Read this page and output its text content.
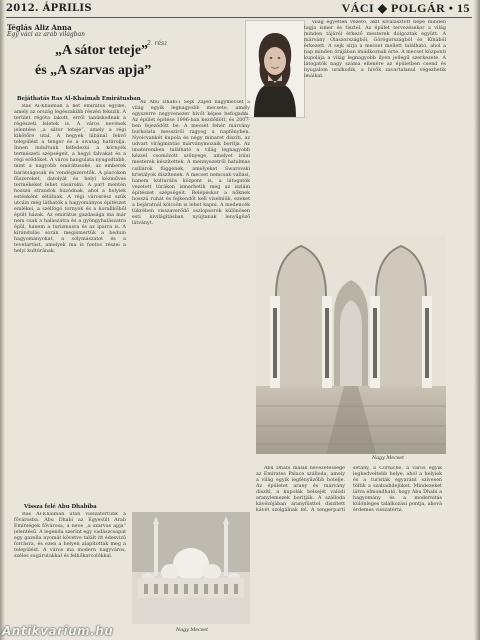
2012. ÁPRILIS	VÁCI ◆ POLGÁR • 15
Téglás Aliz Anna
Egy váci az arab világban
2. rész
„A sátor teteje”
és „A szarvas apja”
Bejáthatás Ras Al-Khaimah Emirátusban

Ras Al-Khaimah a hét emirátus egyike, amely az ország legészakibb részén fekszik. A terület régóta lakott, erről tanúskodnak a régészeti leletek is. A város nevének jelentése „a sátor teteje”, amely a régi kikötőre utal. A hegyek lábánál fekvő települést a tenger és a sivatag határolja. Innen indultunk felfedezni a környék természeti szépségeit, a hegyi falvakat és a régi erődöket. A város hangulata nyugodtabb, mint a nagyobb emirátusoké, az emberek barátságosak és vendégszeretők. A piacokon fűszereket, datolyát és helyi kézműves termékeket lehet vásárolni. A part mentén hosszú strandok húzódnak, ahol a helyiek esténként sétálnak. A régi városrész szűk utcáin még láthatók a hagyományos építészet emlékei, a szélfogó tornyok és a korallkőből épült házak. Az emirátus gazdasága ma már nem csak a halászatra és a gyöngyhalászatra épül, hanem a turizmusra és az iparra is. A kirándulás során megismertük a beduin hagyományokat, a sólymászatot és a tevetartást, amelyek ma is fontos részei a helyi kultúrának.

Vissza felé Abu Dhabiba

Ras Al-Khaimah után visszatértünk a fővárosba. Abu Dhabi az Egyesült Arab Emírségek fővárosa, a neve „a szarvas apja” jelentésű. A legenda szerint egy vadászcsapat egy gazella nyomát követve talált itt édesvizű forrásra, és ezen a helyen alapították meg a települést. A város ma modern nagyváros, széles sugárutakkal és felhőkarcolókkal.

Az Abu Dhabi-i Sejk Zájed nagymecset a világ egyik legnagyobb mecsete, amely egyszerre negyvenezer hívőt képes befogadni. Az épület építése 1996-ban kezdődött, és 2007-ben fejeződött be. A mecset fehér márvány burkolata messziről ragyog a napfényben. Nyolcvankét kupola és négy minaret díszíti, az udvart virágmintás márványmozaik borítja. Az imateremben található a világ legnagyobb kézzel csomózott szőnyege, amelyet iráni mesterek készítettek. A mennyezetről hatalmas csillárok függenek, amelyeket Swarovski kristályok díszítenek. A mecset nemcsak vallási, hanem kulturális központ is, a látogatók vezetett túrákon ismerhetik meg az iszlám építészet szépségeit. Belépéskor a nőknek hosszú ruhát és fejkendőt kell viselniük, ezeket a bejáratnál kölcsön is lehet kapni. A medencék tükrében visszaverődő oszlopsorok különösen esti kivilágításban nyújtanak lenyűgöző látványt.

Nagy Mecset

világ egyetlen vezető, akit kiválasztott népe minden tagja ismer és tisztel. Az épület tervezésekor a világ minden tájáról érkező mesterek dolgoztak együtt. A márvány Olaszországból, Görögországból és Kínából érkezett. A sejk sírja a mecset mellett található, ahol a nap minden órájában imádkoznak érte. A mecset központi kupolája a világ legnagyobb ilyen jellegű szerkezete. A látogatók nagy száma ellenére az épületben csend és nyugalom uralkodik, a hívők zavartalanul végezhetik imáikat.

Nagy Mecset

Abu Dhabi másik nevezetessége az Emirates Palace szálloda, amely a világ egyik legfényűzőbb hotelje. Az épületet arany és márvány díszíti, a kupolák belsejét valódi aranylemezek borítják. A szálloda kávézójában aranyfüsttel díszített kávét szolgálnak fel. A tengerparti sétány, a Corniche, a város egyik legkedveltebb helye, ahol a helyiek és a turisták egyaránt szívesen töltik a szabadidejüket. Mindezeket látva elmondható, hogy Abu Dhabi a hagyomány és a modernitás különleges találkozási pontja, ahová érdemes visszatérni.

Antikvarium.hu
